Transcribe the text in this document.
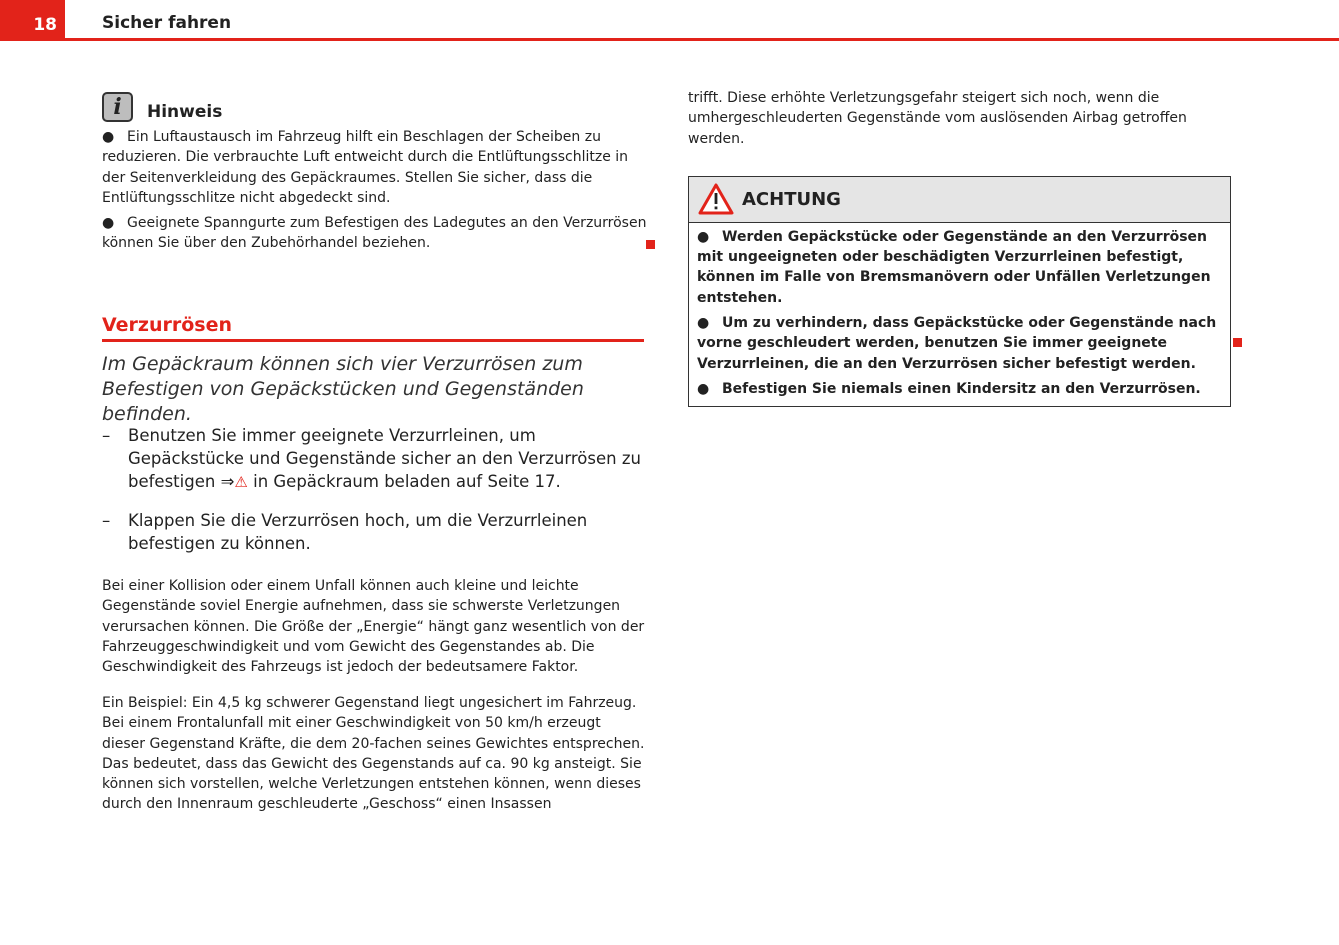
18	Sicher fahren
i	Hinweis
● Ein Luftaustausch im Fahrzeug hilft ein Beschlagen der Scheiben zu reduzieren. Die verbrauchte Luft entweicht durch die Entlüftungsschlitze in der Seitenverkleidung des Gepäckraumes. Stellen Sie sicher, dass die Entlüftungsschlitze nicht abgedeckt sind.
● Geeignete Spanngurte zum Befestigen des Ladegutes an den Verzurrösen können Sie über den Zubehörhandel beziehen.
Verzurrösen
Im Gepäckraum können sich vier Verzurrösen zum Befestigen von Gepäckstücken und Gegenständen befinden.
–	Benutzen Sie immer geeignete Verzurrleinen, um Gepäckstücke und Gegenstände sicher an den Verzurrösen zu befestigen ⇒⚠ in Gepäckraum beladen auf Seite 17.
–	Klappen Sie die Verzurrösen hoch, um die Verzurrleinen befestigen zu können.
Bei einer Kollision oder einem Unfall können auch kleine und leichte Gegenstände soviel Energie aufnehmen, dass sie schwerste Verletzungen verursachen können. Die Größe der „Energie“ hängt ganz wesentlich von der Fahrzeuggeschwindigkeit und vom Gewicht des Gegenstandes ab. Die Geschwindigkeit des Fahrzeugs ist jedoch der bedeutsamere Faktor.
Ein Beispiel: Ein 4,5 kg schwerer Gegenstand liegt ungesichert im Fahrzeug. Bei einem Frontalunfall mit einer Geschwindigkeit von 50 km/h erzeugt dieser Gegenstand Kräfte, die dem 20-fachen seines Gewichtes entsprechen. Das bedeutet, dass das Gewicht des Gegenstands auf ca. 90 kg ansteigt. Sie können sich vorstellen, welche Verletzungen entstehen können, wenn dieses durch den Innenraum geschleuderte „Geschoss“ einen Insassen
trifft. Diese erhöhte Verletzungsgefahr steigert sich noch, wenn die umhergeschleuderten Gegenstände vom auslösenden Airbag getroffen werden.
ACHTUNG
● Werden Gepäckstücke oder Gegenstände an den Verzurrösen mit ungeeigneten oder beschädigten Verzurrleinen befestigt, können im Falle von Bremsmanövern oder Unfällen Verletzungen entstehen.
● Um zu verhindern, dass Gepäckstücke oder Gegenstände nach vorne geschleudert werden, benutzen Sie immer geeignete Verzurrleinen, die an den Verzurrösen sicher befestigt werden.
● Befestigen Sie niemals einen Kindersitz an den Verzurrösen.
